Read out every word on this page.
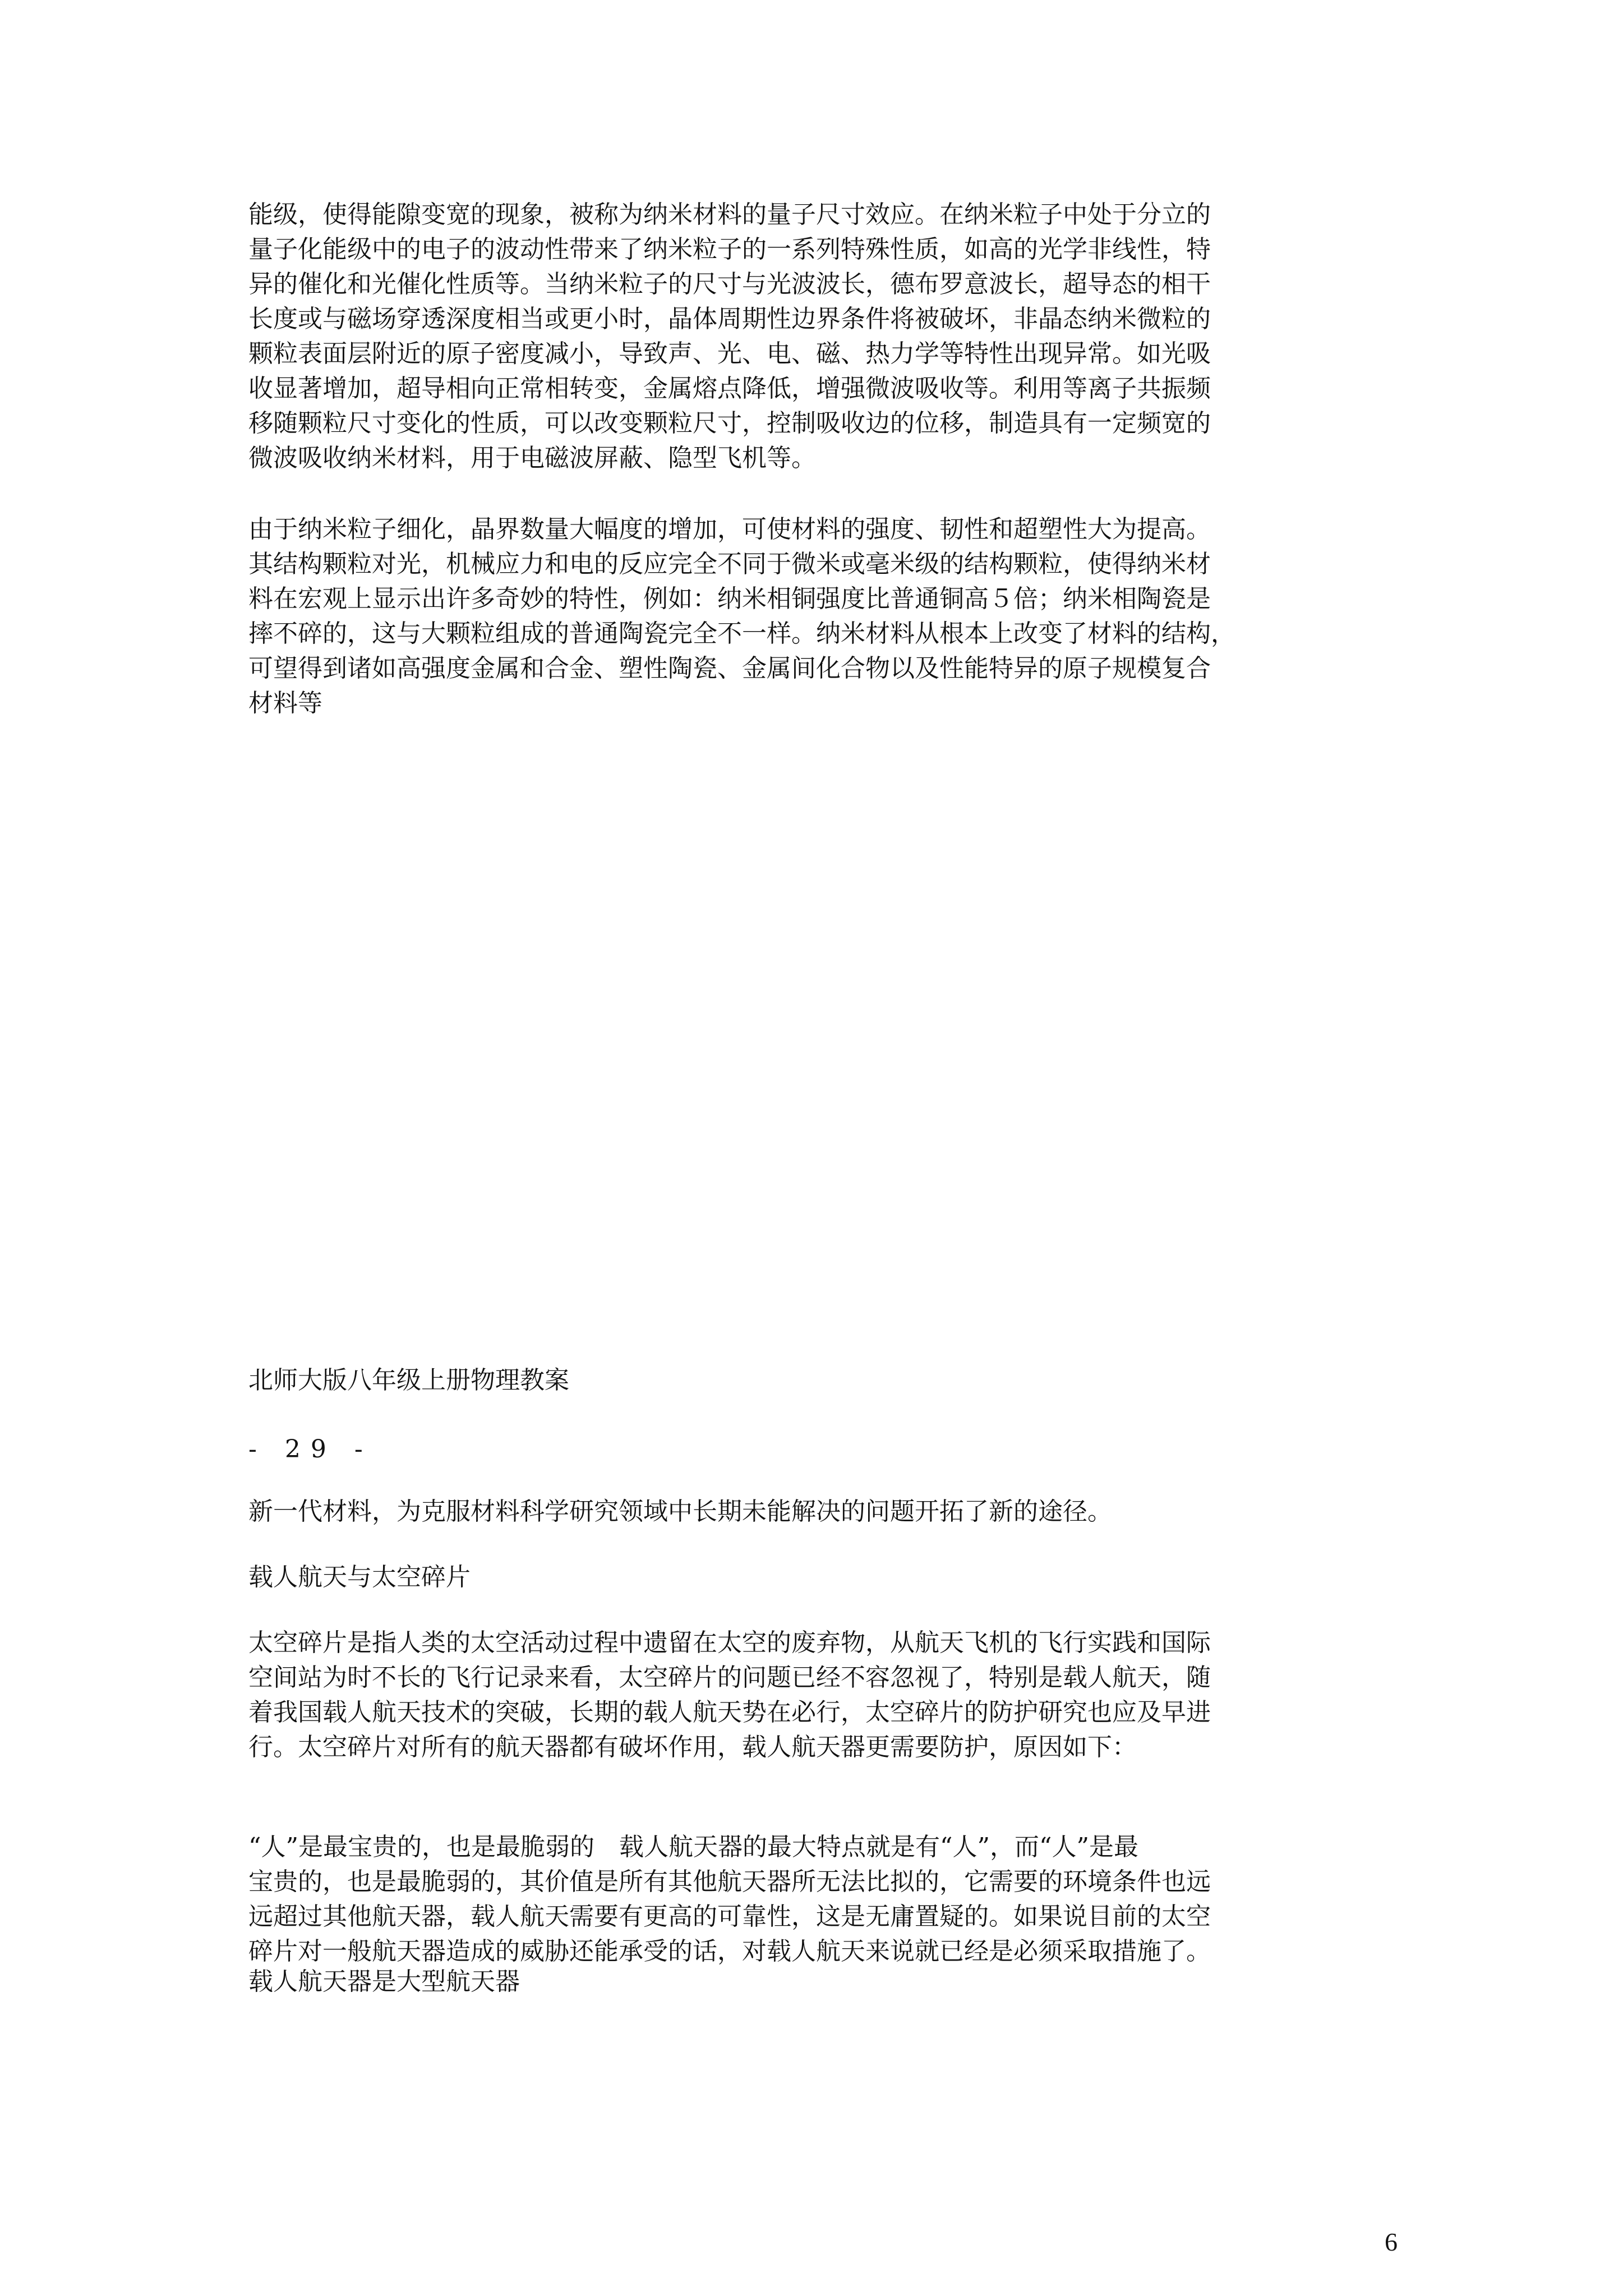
能级，使得能隙变宽的现象，被称为纳米材料的量子尺寸效应。在纳米粒子中处于分立的
量子化能级中的电子的波动性带来了纳米粒子的一系列特殊性质，如高的光学非线性，特
异的催化和光催化性质等。当纳米粒子的尺寸与光波波长，德布罗意波长，超导态的相干
长度或与磁场穿透深度相当或更小时，晶体周期性边界条件将被破坏，非晶态纳米微粒的
颗粒表面层附近的原子密度减小，导致声、光、电、磁、热力学等特性出现异常。如光吸
收显著增加，超导相向正常相转变，金属熔点降低，增强微波吸收等。利用等离子共振频
移随颗粒尺寸变化的性质，可以改变颗粒尺寸，控制吸收边的位移，制造具有一定频宽的
微波吸收纳米材料，用于电磁波屏蔽、隐型飞机等。
由于纳米粒子细化，晶界数量大幅度的增加，可使材料的强度、韧性和超塑性大为提高。
其结构颗粒对光，机械应力和电的反应完全不同于微米或毫米级的结构颗粒，使得纳米材
料在宏观上显示出许多奇妙的特性，例如：纳米相铜强度比普通铜高５倍；纳米相陶瓷是
摔不碎的，这与大颗粒组成的普通陶瓷完全不一样。纳米材料从根本上改变了材料的结构，
可望得到诸如高强度金属和合金、塑性陶瓷、金属间化合物以及性能特异的原子规模复合
材料等

北师大版八年级上册物理教案

- 29 -

新一代材料，为克服材料科学研究领域中长期未能解决的问题开拓了新的途径。

载人航天与太空碎片

太空碎片是指人类的太空活动过程中遗留在太空的废弃物，从航天飞机的飞行实践和国际
空间站为时不长的飞行记录来看，太空碎片的问题已经不容忽视了，特别是载人航天，随
着我国载人航天技术的突破，长期的载人航天势在必行，太空碎片的防护研究也应及早进
行。太空碎片对所有的航天器都有破坏作用，载人航天器更需要防护，原因如下：
“人”是最宝贵的，也是最脆弱的　载人航天器的最大特点就是有“人”，而“人”是最
宝贵的，也是最脆弱的，其价值是所有其他航天器所无法比拟的，它需要的环境条件也远
远超过其他航天器，载人航天需要有更高的可靠性，这是无庸置疑的。如果说目前的太空
碎片对一般航天器造成的威胁还能承受的话，对载人航天来说就已经是必须采取措施了。

载人航天器是大型航天器

6
